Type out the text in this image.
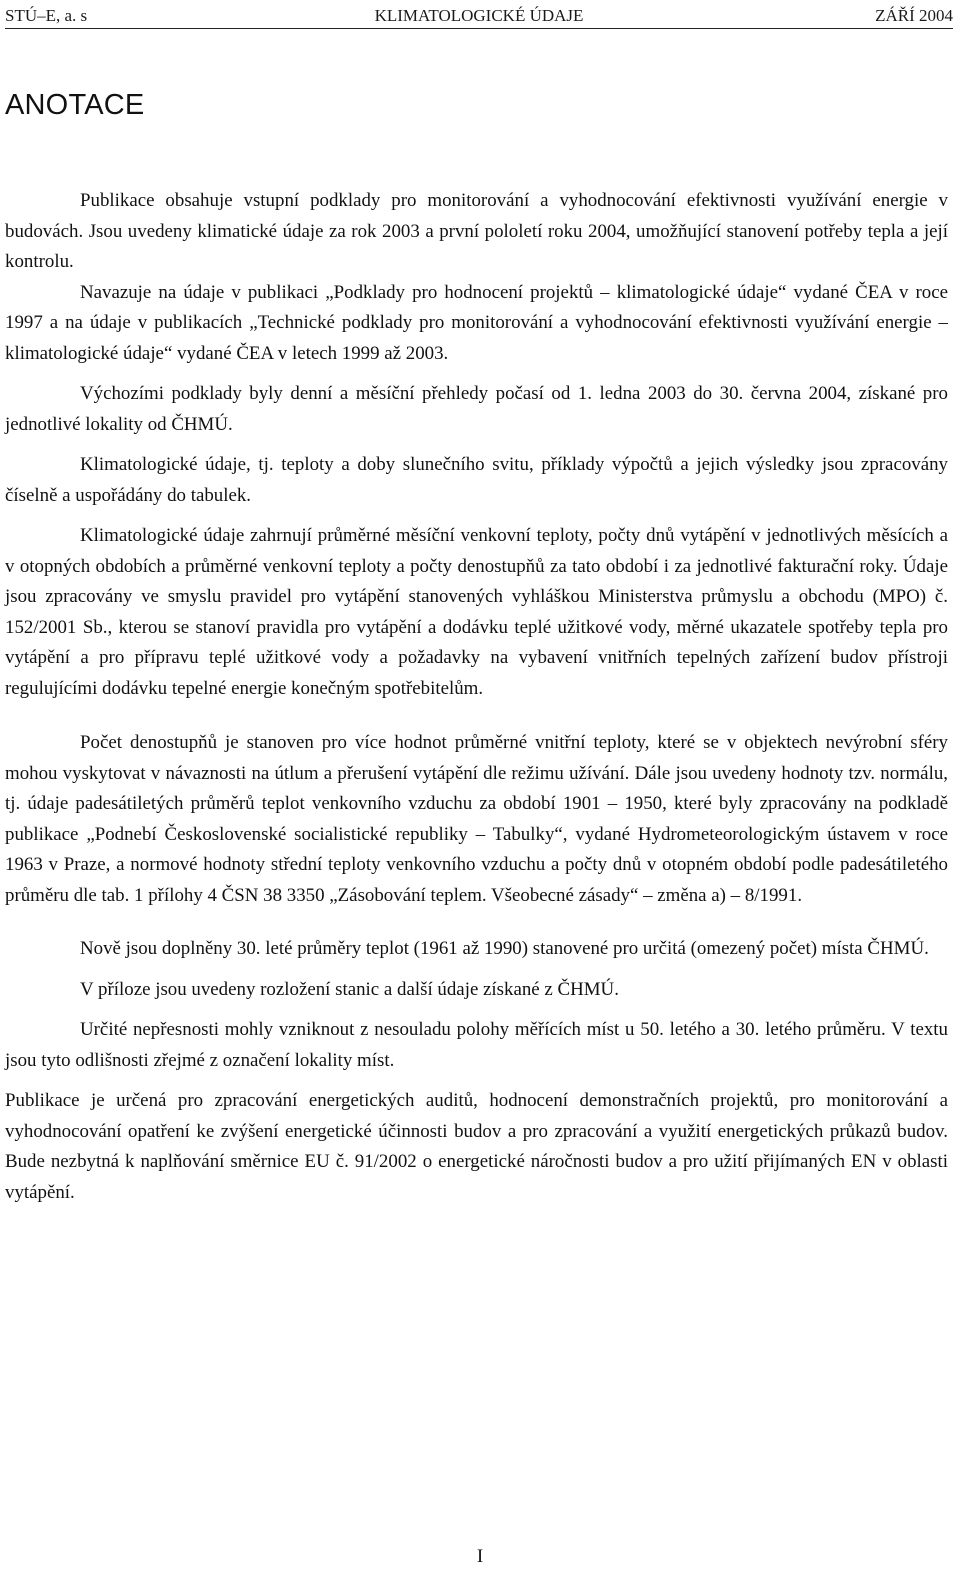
STÚ–E, a. s	KLIMATOLOGICKÉ ÚDAJE	ZÁŘÍ 2004
ANOTACE

Publikace obsahuje vstupní podklady pro monitorování a vyhodnocování efektivnosti využívání energie v budovách. Jsou uvedeny klimatické údaje za rok 2003 a první pololetí roku 2004, umožňující stanovení potřeby tepla a její kontrolu.

Navazuje na údaje v publikaci „Podklady pro hodnocení projektů – klimatologické údaje“ vydané ČEA v roce 1997 a na údaje v publikacích „Technické podklady pro monitorování a vyhodnocování efektivnosti využívání energie – klimatologické údaje“ vydané ČEA v letech 1999 až 2003.

Výchozími podklady byly denní a měsíční přehledy počasí od 1. ledna 2003 do 30. června 2004, získané pro jednotlivé lokality od ČHMÚ.

Klimatologické údaje, tj. teploty a doby slunečního svitu, příklady výpočtů a jejich výsledky jsou zpracovány číselně a uspořádány do tabulek.

Klimatologické údaje zahrnují průměrné měsíční venkovní teploty, počty dnů vytápění v jednotlivých měsících a v otopných obdobích a průměrné venkovní teploty a počty denostupňů za tato období i za jednotlivé fakturační roky. Údaje jsou zpracovány ve smyslu pravidel pro vytápění stanovených vyhláškou Ministerstva průmyslu a obchodu (MPO) č. 152/2001 Sb., kterou se stanoví pravidla pro vytápění a dodávku teplé užitkové vody, měrné ukazatele spotřeby tepla pro vytápění a pro přípravu teplé užitkové vody a požadavky na vybavení vnitřních tepelných zařízení budov přístroji regulujícími dodávku tepelné energie konečným spotřebitelům.

Počet denostupňů je stanoven pro více hodnot průměrné vnitřní teploty, které se v objektech nevýrobní sféry mohou vyskytovat v návaznosti na útlum a přerušení vytápění dle režimu užívání. Dále jsou uvedeny hodnoty tzv. normálu, tj. údaje padesátiletých průměrů teplot venkovního vzduchu za období 1901 – 1950, které byly zpracovány na podkladě publikace „Podnebí Československé socialistické republiky – Tabulky“, vydané Hydrometeorologickým ústavem v roce 1963 v Praze, a normové hodnoty střední teploty venkovního vzduchu a počty dnů v otopném období podle padesátiletého průměru dle tab. 1 přílohy 4 ČSN 38 3350 „Zásobování teplem. Všeobecné zásady“ – změna a) – 8/1991.

Nově jsou doplněny 30. leté průměry teplot (1961 až 1990) stanovené pro určitá (omezený počet) místa ČHMÚ.

V příloze jsou uvedeny rozložení stanic a další údaje získané z ČHMÚ.

Určité nepřesnosti mohly vzniknout z nesouladu polohy měřících míst u 50. letého a 30. letého průměru. V textu jsou tyto odlišnosti zřejmé z označení lokality míst.

Publikace je určená pro zpracování energetických auditů, hodnocení demonstračních projektů, pro monitorování a vyhodnocování opatření ke zvýšení energetické účinnosti budov a pro zpracování a využití energetických průkazů budov. Bude nezbytná k naplňování směrnice EU č. 91/2002 o energetické náročnosti budov a pro užití přijímaných EN v oblasti vytápění.

I
